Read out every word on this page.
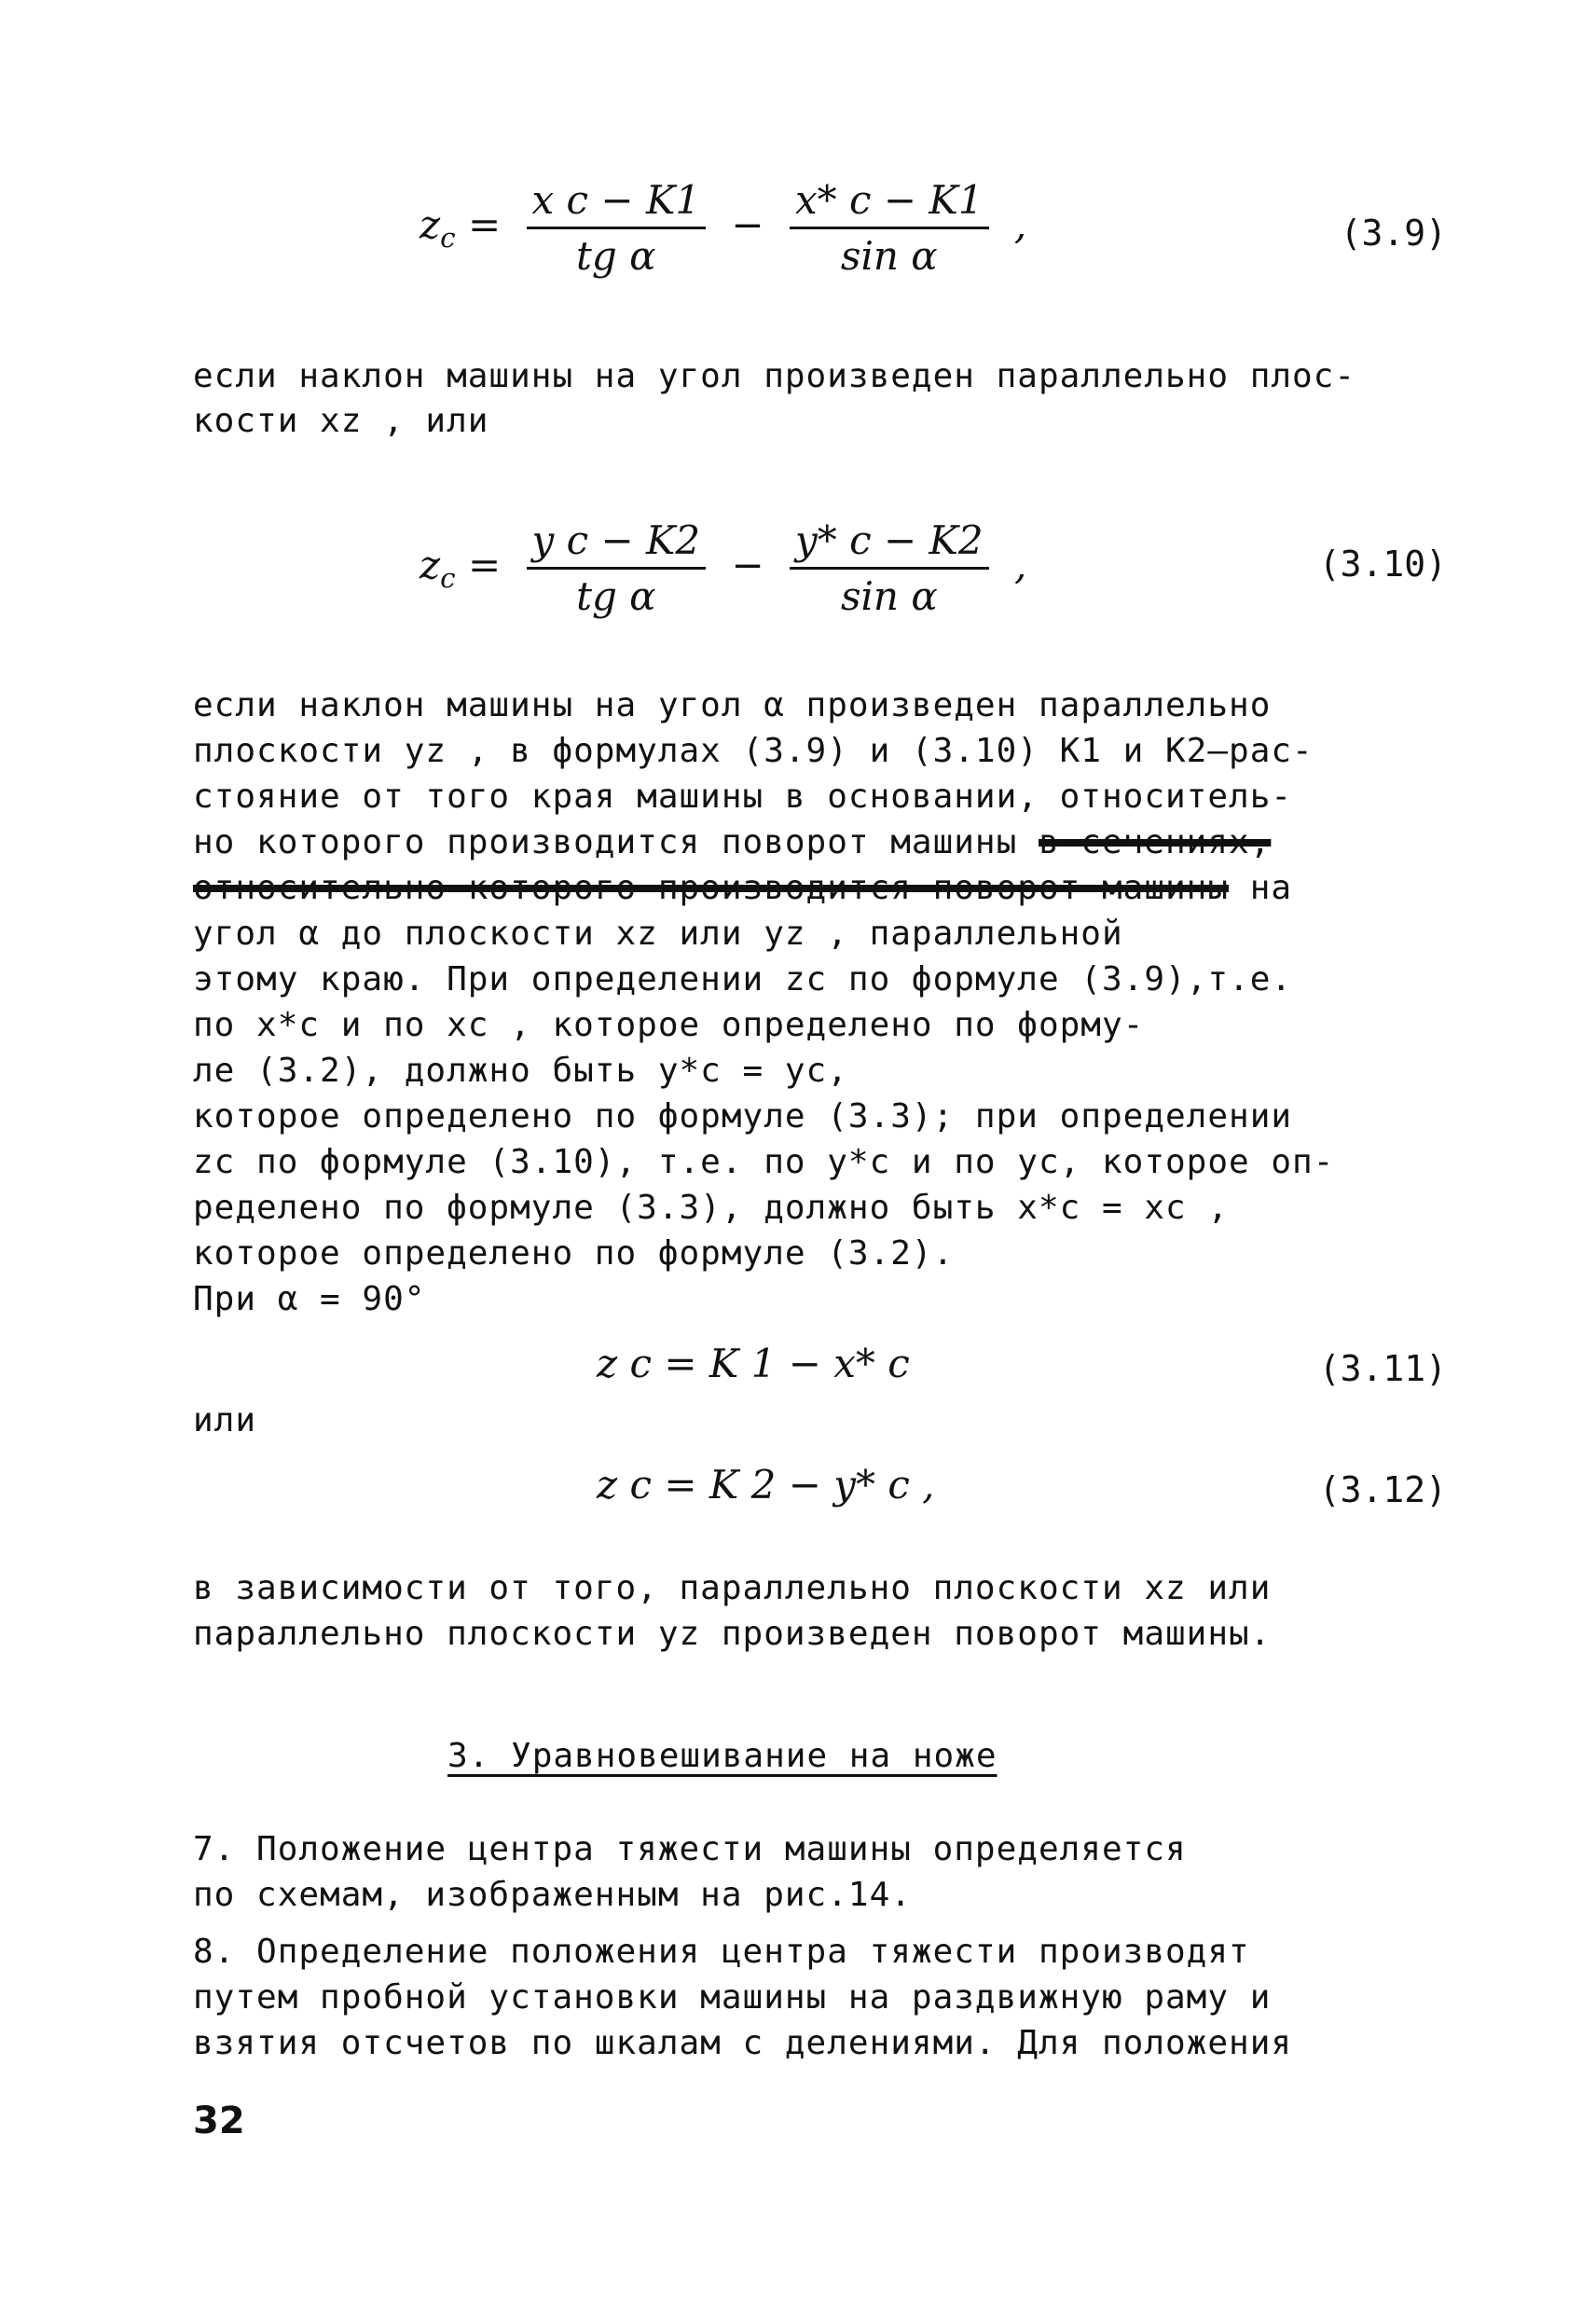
$z_c = \frac{\text{x c − K1}}{\text{tg α}} - \frac{x* c - K1}{\text{sin α}}$ ,	(3.9)
если наклон машины на угол произведен параллельно плос-
кости xz , или
$z_c = \frac{\text{y c − K2}}{\text{tg α}} - \frac{y* c - K2}{\text{sin α}}$ ,	(3.10)
если наклон машины на угол α произведен параллельно
плоскости yz , в формулах (3.9) и (3.10) K1 и K2–рас-
стояние от того края машины в основании, относитель-
но которого производится поворот машины в сечениях,
относительно которого производится поворот машины на
угол α до плоскости xz или yz , параллельной
этому краю. При определении zc по формуле (3.9),т.е.
по x*c и по xc , которое определено по форму-
ле (3.2), должно быть y*c = yc,
которое определено по формуле (3.3); при определении
zc по формуле (3.10), т.е. по y*c и по yc, которое оп-
ределено по формуле (3.3), должно быть x*c = xc ,
которое определено по формуле (3.2).
При α = 90°
z c = K 1 − x* c	(3.11)
или
z c = K 2 − y* c ,	(3.12)
в зависимости от того, параллельно плоскости xz или
параллельно плоскости yz произведен поворот машины.
3. Уравновешивание на ноже
7. Положение центра тяжести машины определяется
по схемам, изображенным на рис.14.
8. Определение положения центра тяжести производят
путем пробной установки машины на раздвижную раму и
взятия отсчетов по шкалам с делениями. Для положения
32
